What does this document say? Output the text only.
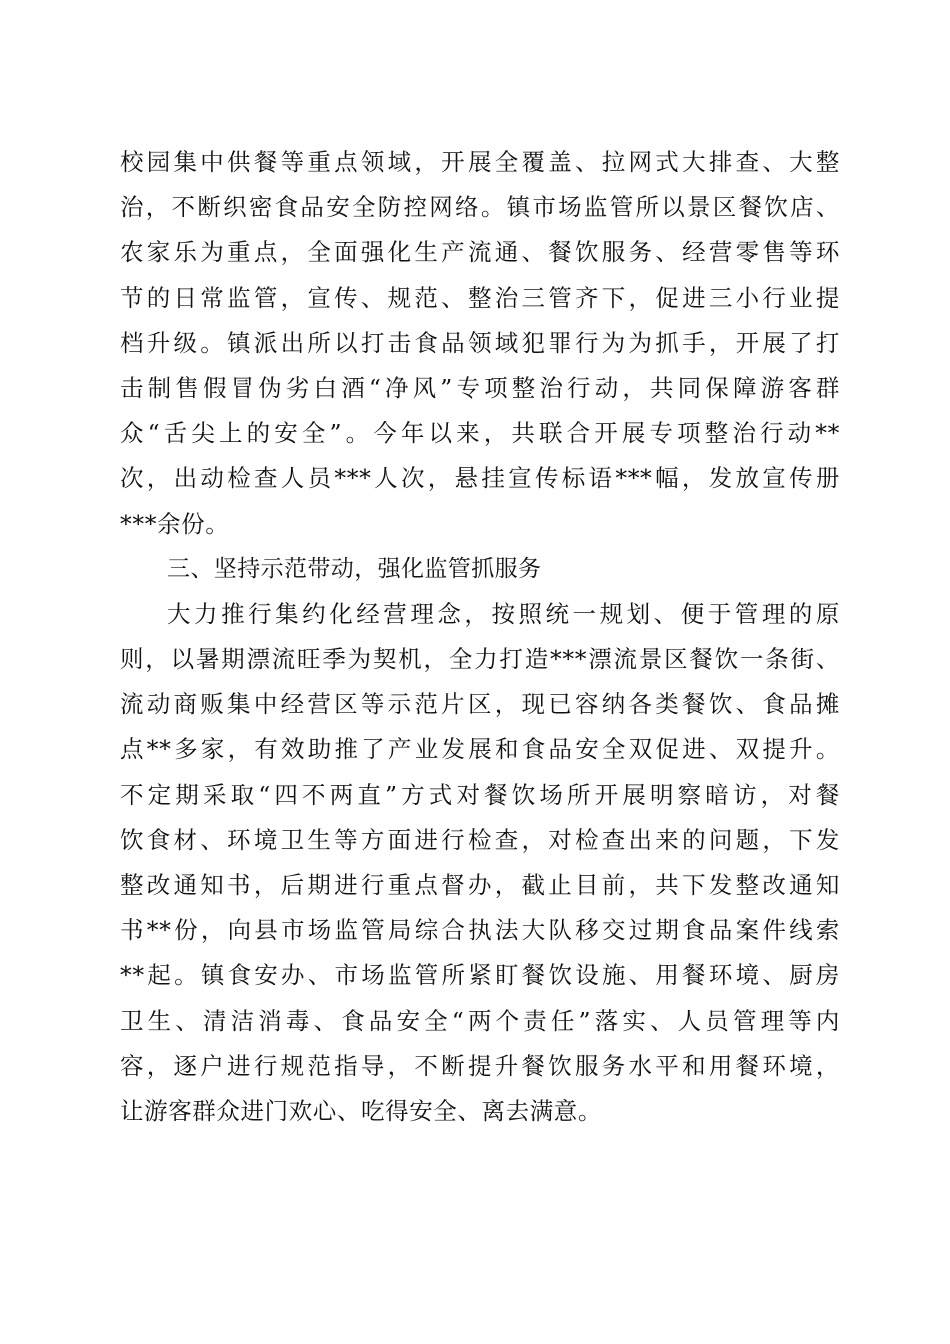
校园集中供餐等重点领域，开展全覆盖、拉网式大排查、大整
治，不断织密食品安全防控网络。镇市场监管所以景区餐饮店、
农家乐为重点，全面强化生产流通、餐饮服务、经营零售等环
节的日常监管，宣传、规范、整治三管齐下，促进三小行业提
档升级。镇派出所以打击食品领域犯罪行为为抓手，开展了打
击制售假冒伪劣白酒“净风”专项整治行动，共同保障游客群
众“舌尖上的安全”。今年以来，共联合开展专项整治行动**
次，出动检查人员***人次，悬挂宣传标语***幅，发放宣传册
***余份。
三、坚持示范带动，强化监管抓服务
大力推行集约化经营理念，按照统一规划、便于管理的原
则，以暑期漂流旺季为契机，全力打造***漂流景区餐饮一条街、
流动商贩集中经营区等示范片区，现已容纳各类餐饮、食品摊
点**多家，有效助推了产业发展和食品安全双促进、双提升。
不定期采取“四不两直”方式对餐饮场所开展明察暗访，对餐
饮食材、环境卫生等方面进行检查，对检查出来的问题，下发
整改通知书，后期进行重点督办，截止目前，共下发整改通知
书**份，向县市场监管局综合执法大队移交过期食品案件线索
**起。镇食安办、市场监管所紧盯餐饮设施、用餐环境、厨房
卫生、清洁消毒、食品安全“两个责任”落实、人员管理等内
容，逐户进行规范指导，不断提升餐饮服务水平和用餐环境，
让游客群众进门欢心、吃得安全、离去满意。
